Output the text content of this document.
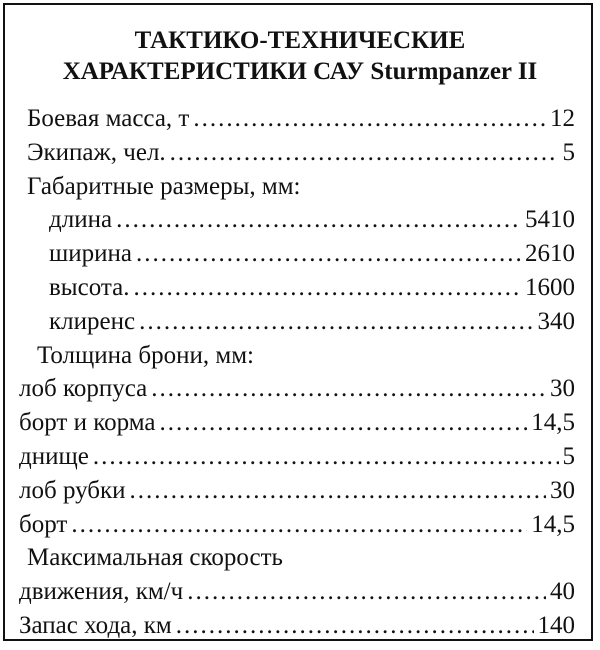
ТАКТИКО-ТЕХНИЧЕСКИЕ
ХАРАКТЕРИСТИКИ САУ Sturmpanzer II
Боевая масса, т .....	12
Экипаж, чел. .....	5
Габаритные размеры, мм:
длина .....	5410
ширина .....	2610
высота. .....	1600
клиренс .....	340
Толщина брони, мм:
лоб корпуса .....	30
борт и корма .....	14,5
днище .....	5
лоб рубки .....	30
борт .....	14,5
Максимальная скорость
движения, км/ч .....	40
Запас хода, км .....	140
